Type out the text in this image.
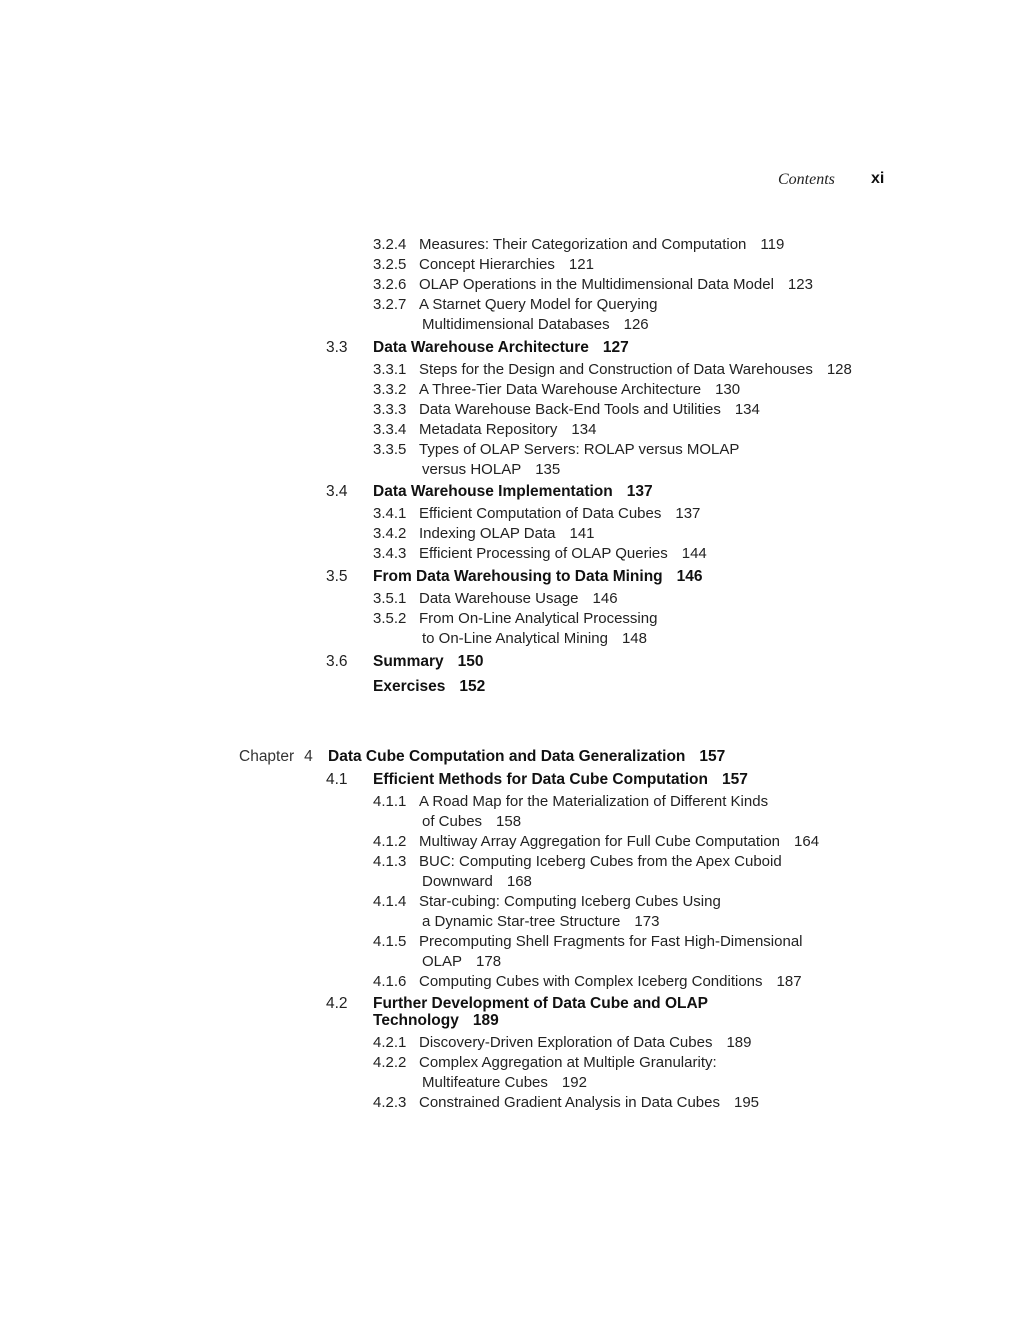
Contents xi
3.2.4 Measures: Their Categorization and Computation 119
3.2.5 Concept Hierarchies 121
3.2.6 OLAP Operations in the Multidimensional Data Model 123
3.2.7 A Starnet Query Model for Querying
Multidimensional Databases 126
3.3	Data Warehouse Architecture 127
3.3.1 Steps for the Design and Construction of Data Warehouses 128
3.3.2 A Three-Tier Data Warehouse Architecture 130
3.3.3 Data Warehouse Back-End Tools and Utilities 134
3.3.4 Metadata Repository 134
3.3.5 Types of OLAP Servers: ROLAP versus MOLAP
versus HOLAP 135
3.4	Data Warehouse Implementation 137
3.4.1 Efficient Computation of Data Cubes 137
3.4.2 Indexing OLAP Data 141
3.4.3 Efficient Processing of OLAP Queries 144
3.5	From Data Warehousing to Data Mining 146
3.5.1 Data Warehouse Usage 146
3.5.2 From On-Line Analytical Processing
to On-Line Analytical Mining 148
3.6	Summary 150
Exercises 152
Chapter 4 Data Cube Computation and Data Generalization 157
4.1	Efficient Methods for Data Cube Computation 157
4.1.1 A Road Map for the Materialization of Different Kinds
of Cubes 158
4.1.2 Multiway Array Aggregation for Full Cube Computation 164
4.1.3 BUC: Computing Iceberg Cubes from the Apex Cuboid
Downward 168
4.1.4 Star-cubing: Computing Iceberg Cubes Using
a Dynamic Star-tree Structure 173
4.1.5 Precomputing Shell Fragments for Fast High-Dimensional
OLAP 178
4.1.6 Computing Cubes with Complex Iceberg Conditions 187
4.2	Further Development of Data Cube and OLAP
Technology 189
4.2.1 Discovery-Driven Exploration of Data Cubes 189
4.2.2 Complex Aggregation at Multiple Granularity:
Multifeature Cubes 192
4.2.3 Constrained Gradient Analysis in Data Cubes 195
